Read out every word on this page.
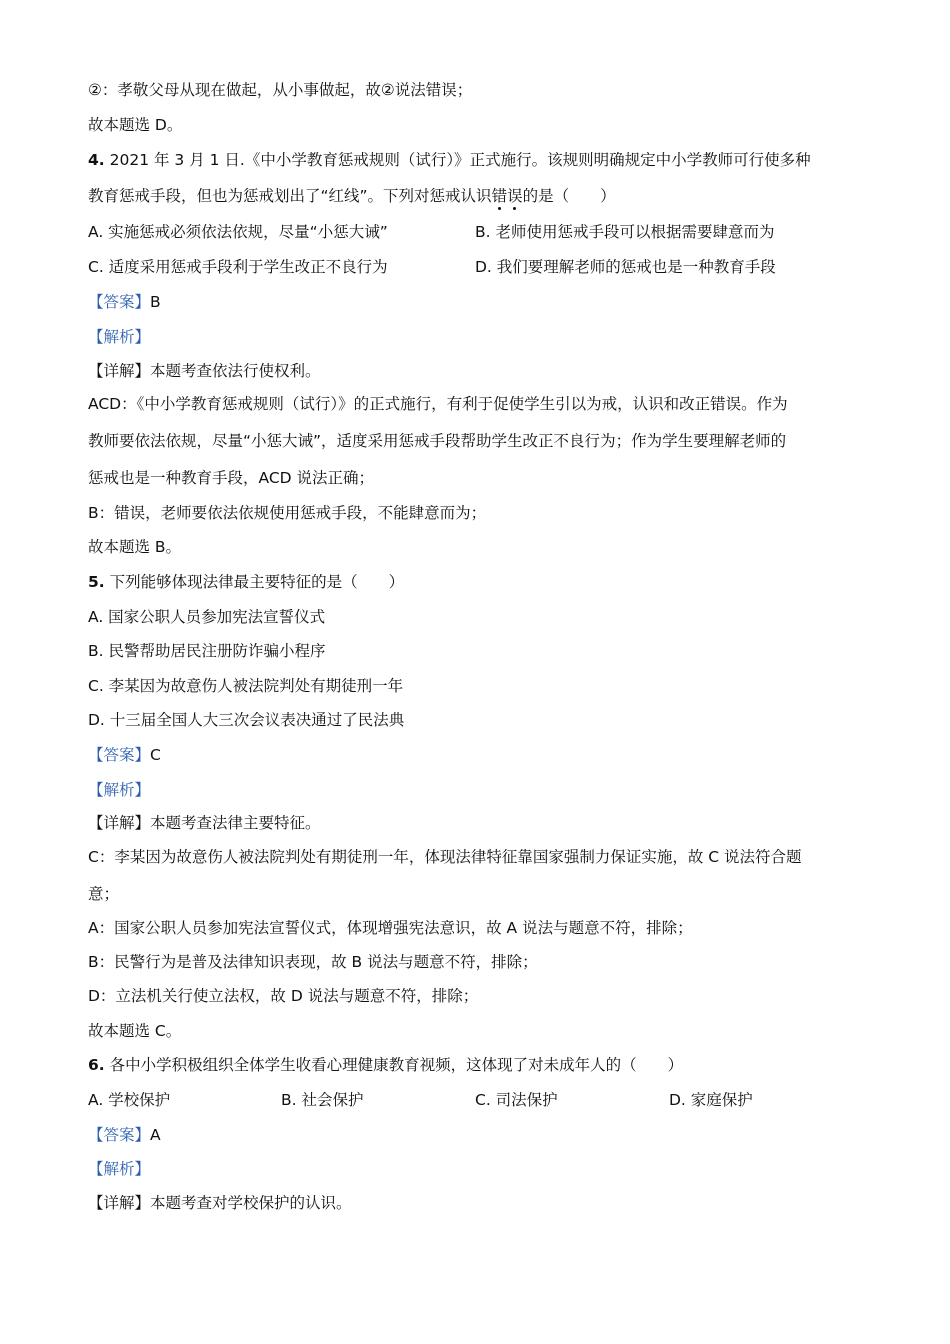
②：孝敬父母从现在做起，从小事做起，故②说法错误；
故本题选 D。
4. 2021 年 3 月 1 日.《中小学教育惩戒规则（试行）》正式施行。该规则明确规定中小学教师可行使多种
教育惩戒手段，但也为惩戒划出了“红线”。下列对惩戒认识错误的是（　　）
A. 实施惩戒必须依法依规，尽量“小惩大诫”	B. 老师使用惩戒手段可以根据需要肆意而为
C. 适度采用惩戒手段利于学生改正不良行为	D. 我们要理解老师的惩戒也是一种教育手段
【答案】B
【解析】
【详解】本题考查依法行使权利。
ACD：《中小学教育惩戒规则（试行）》的正式施行，有利于促使学生引以为戒，认识和改正错误。作为
教师要依法依规，尽量“小惩大诫”，适度采用惩戒手段帮助学生改正不良行为；作为学生要理解老师的
惩戒也是一种教育手段，ACD 说法正确；
B：错误，老师要依法依规使用惩戒手段，不能肆意而为；
故本题选 B。
5. 下列能够体现法律最主要特征的是（　　）
A. 国家公职人员参加宪法宣誓仪式
B. 民警帮助居民注册防诈骗小程序
C. 李某因为故意伤人被法院判处有期徒刑一年
D. 十三届全国人大三次会议表决通过了民法典
【答案】C
【解析】
【详解】本题考查法律主要特征。
C：李某因为故意伤人被法院判处有期徒刑一年，体现法律特征靠国家强制力保证实施，故 C 说法符合题
意；
A：国家公职人员参加宪法宣誓仪式，体现增强宪法意识，故 A 说法与题意不符，排除；
B：民警行为是普及法律知识表现，故 B 说法与题意不符，排除；
D：立法机关行使立法权，故 D 说法与题意不符，排除；
故本题选 C。
6. 各中小学积极组织全体学生收看心理健康教育视频，这体现了对未成年人的（　　）
A. 学校保护	B. 社会保护	C. 司法保护	D. 家庭保护
【答案】A
【解析】
【详解】本题考查对学校保护的认识。
